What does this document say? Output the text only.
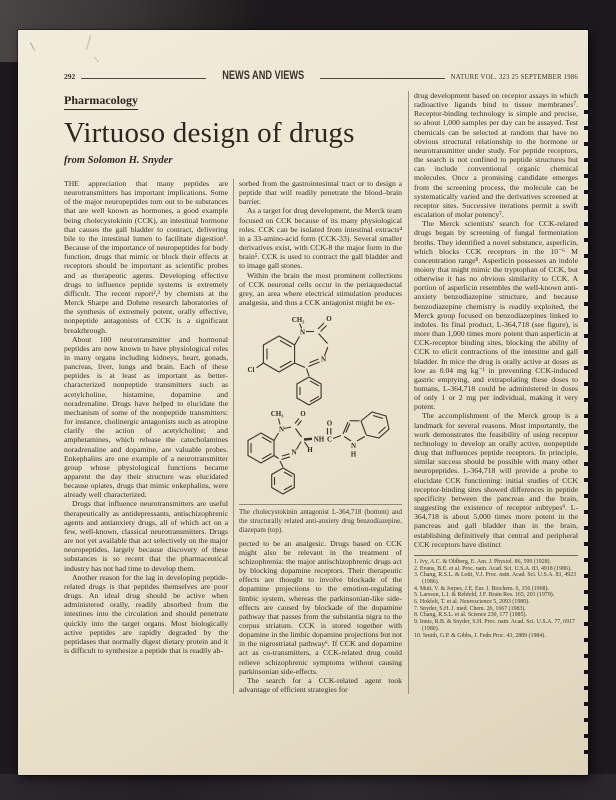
292	NEWS AND VIEWS	NATURE VOL. 323 25 SEPTEMBER 1986
Pharmacology
Virtuoso design of drugs
from Solomon H. Snyder

THE appreciation that many peptides are neurotransmitters has important implications. Some of the major neuropeptides turn out to be substances that are well known as hormones, a good example being cholecystokinin (CCK), an intestinal hormone that causes the gall bladder to contract, delivering bile to the intestinal lumen to facilitate digestion¹. Because of the importance of neuropeptides for body function, drugs that mimic or block their effects at receptors should be important as scientific probes and as therapeutic agents. Developing effective drugs to influence peptide systems is extremely difficult. The recent report²,³ by chemists at the Merck Sharpe and Dohme research laboratories of the synthesis of extremely potent, orally effective, nonpeptide antagonists of CCK is a significant breakthrough.

About 100 neurotransmitter and hormonal peptides are now known to have physiological roles in many organs including kidneys, heart, gonads, pancreas, liver, lungs and brain. Each of these peptides is at least as important as better-characterized nonpeptide transmitters such as acetylcholine, histamine, dopamine and noradrenaline. Drugs have helped to elucidate the mechanism of some of the nonpeptide transmitters: for instance, cholinergic antagonists such as atropine clarify the action of acetylcholine; and amphetamines, which release the catecholamines noradrenaline and dopamine, are valuable probes. Enkephalins are one example of a neurotransmitter group whose physiological functions became apparent the day their structure was elucidated because opiates, drugs that mimic enkephalins, were already well characterized.

Drugs that influence neurotransmitters are useful therapeutically as antidepressants, antischizophrenic agents and antianxiety drugs, all of which act on a few, well-known, classical neurotransmitters. Drugs are not yet available that act selectively on the major neuropeptides, largely because discovery of these substances is so recent that the pharmaceutical industry has not had time to develop them.

Another reason for the lag in developing peptide-related drugs is that peptides themselves are poor drugs. An ideal drug should be active when administered orally, readily absorbed from the intestines into the circulation and should penetrate quickly into the target organs. Most biologically active peptides are rapidly degraded by the peptidases that normally digest dietary protein and it is difficult to synthesize a peptide that is readily ab-

sorbed from the gastrointesintal tract or to design a peptide that will readily penetrate the blood–brain barrier.

As a target for drug development, the Merck team focused on CCK because of its many physiological roles. CCK can be isolated from intestinal extracts⁴ in a 33-amino-acid form (CCK-33). Several smaller derivatives exist, with CCK-8 the major form in the brain⁵. CCK is used to contract the gall bladder and to image gall stones.

Within the brain the most prominent collections of CCK neuronal cells occur in the periaqueductal grey, an area where electrical stimulation produces analgesia, and thus a CCK antagonist might be ex-

CH₃	O
N
N
Cl
CH₃ O
N
N H
NH C
O
N
H
The cholecystokinin antagonist L-364,718 (bottom) and the structurally related anti-anxiety drug benzodiazepine, diazepam (top).

pected to be an analgesic. Drugs based on CCK might also be relevant in the treatment of schizophrenia: the major antischizophrenic drugs act by blocking dopamine receptors. Their therapeutic effects are thought to involve blockade of the dopamine projections to the emotion-regulating limbic system, whereas the parkinsonian-like side-effects are caused by blockade of the dopamine pathway that passes from the substantia nigra to the corpus striatum. CCK is stored together with dopamine in the limbic dopamine projections but not in the nigrostriatal pathway⁶. If CCK and dopamine act as co-transmitters, a CCK-related drug could relieve schizophrenic symptoms without causing parkinsonian side-effects.

The search for a CCK-related agent took advantage of efficient strategies for

drug development based on receptor assays in which radioactive ligands bind to tissue membranes⁷. Receptor-binding technology is simple and precise, so about 1,000 samples per day can be assayed. Test chemicals can be selected at random that have no obvious structural relationship to the hormone or neurotransmitter under study. For peptide receptors, the search is not confined to peptide structures but can include conventional organic chemical molecules. Once a promising candidate emerges from the screening process, the molecule can be systematically varied and the derivatives screened at receptor sites. Successive iterations permit a swift escalation of molar potency⁷.

The Merck scientists' search for CCK-related drugs began by screening of fungal fermentation broths. They identified a novel substance, asperlicin, which blocks CCK receptors in the 10⁻⁶ M concentration range⁸. Asperlicin possesses an indole moiety that might mimic the tryptophan of CCK, but otherwise it has no obvious similarity to CCK. A portion of asperlicin resembles the well-known anti-anxiety benzodiazepine structure, and because benzodiazepine chemistry is readily exploited, the Merck group focused on benzodiazepines linked to indoles. Its final product, L-364,718 (see figure), is more than 1,000 times more potent than asperlicin at CCK-receptor binding sites, blocking the ability of CCK to elicit contractions of the intestine and gall bladder. In mice the drug is orally active at doses as low as 0.04 mg kg⁻¹ in preventing CCK-induced gastric emptying, and extrapolating these doses to humans, L-364,718 could be administered in doses of only 1 or 2 mg per individual, making it very potent.

The accomplishment of the Merck group is a landmark for several reasons. Most importantly, the work demonstrates the feasibility of using receptor technology to develop an orally active, nonpeptide drug that influences peptide receptors. In principle, similar success should be possible with many other neuropeptides. L-364,718 will provide a probe to elucidate CCK functioning: initial studies of CCK receptor-binding sites showed differences in peptide specificity between the pancreas and the brain, suggesting the existence of receptor subtypes⁹. L-364,718 is about 5,000 times more potent in the pancreas and gall bladder than in the brain, establishing definitively that central and peripheral CCK receptors have distinct

1. Ivy, A.C. & Oldberg, E. Am. J. Physiol. 86, 599 (1928).
2. Evans, B.E. et al. Proc. natn. Acad. Sci. U.S.A. 83, 4918 (1986).
3. Chang, R.S.L. & Lotti, V.J. Proc. natn. Acad. Sci. U.S.A. 83, 4923 (1986).
4. Mutt, V. & Jorpes, J.E. Eur. J. Biochem. 6, 156 (1968).
5. Larsson, L.I. & Rehfeld, J.F. Brain Res. 165, 201 (1979).
6. Hokfelt, T. et al. Neuroscience 5, 2093 (1980).
7. Snyder, S.H. J. med. Chem. 26, 1667 (1983).
8. Chang, R.S.L. et al. Science 230, 177 (1985).
9. Innis, R.B. & Snyder, S.H. Proc. natn. Acad. Sci. U.S.A. 77, 6917 (1980).
10. Smith, G.P. & Gibbs, J. Fedn Proc. 43, 2889 (1984).
